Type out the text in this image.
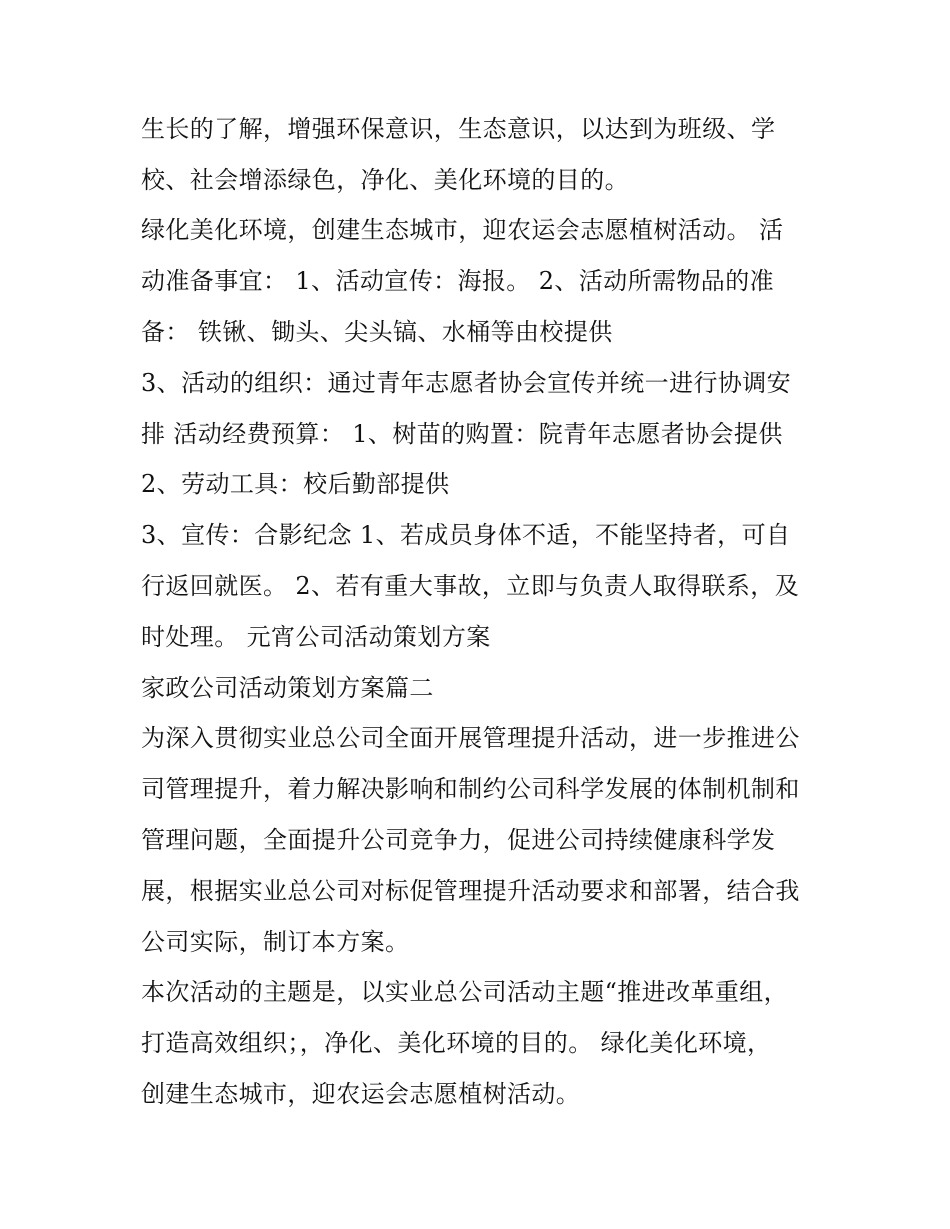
生长的了解，增强环保意识，生态意识，以达到为班级、学
校、社会增添绿色，净化、美化环境的目的。
绿化美化环境，创建生态城市，迎农运会志愿植树活动。 活
动准备事宜： 1、活动宣传：海报。 2、活动所需物品的准
备： 铁锹、锄头、尖头镐、水桶等由校提供
3、活动的组织：通过青年志愿者协会宣传并统一进行协调安
排 活动经费预算： 1、树苗的购置：院青年志愿者协会提供
2、劳动工具：校后勤部提供
3、宣传：合影纪念 1、若成员身体不适，不能坚持者，可自
行返回就医。 2、若有重大事故，立即与负责人取得联系，及
时处理。 元宵公司活动策划方案
家政公司活动策划方案篇二
为深入贯彻实业总公司全面开展管理提升活动，进一步推进公
司管理提升，着力解决影响和制约公司科学发展的体制机制和
管理问题，全面提升公司竞争力，促进公司持续健康科学发
展，根据实业总公司对标促管理提升活动要求和部署，结合我
公司实际，制订本方案。
本次活动的主题是，以实业总公司活动主题“推进改革重组，
打造高效组织；，净化、美化环境的目的。 绿化美化环境，
创建生态城市，迎农运会志愿植树活动。
